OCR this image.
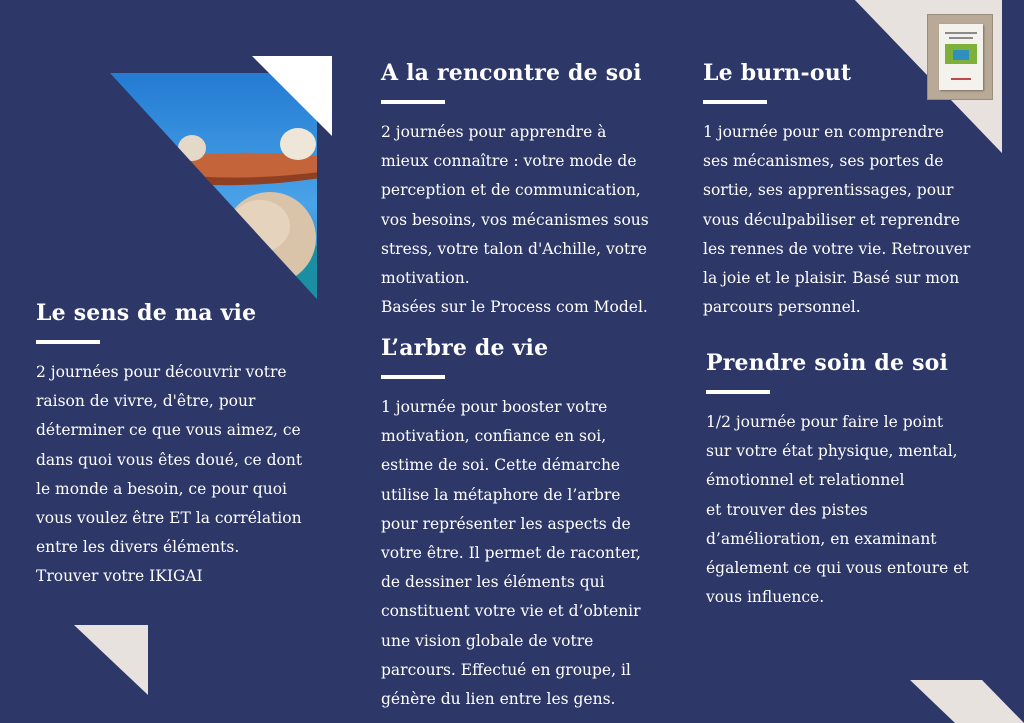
Le sens de ma vie

2 journées pour découvrir votre
raison de vivre, d'être, pour
déterminer ce que vous aimez, ce
dans quoi vous êtes doué, ce dont
le monde a besoin, ce pour quoi
vous voulez être ET la corrélation
entre les divers éléments.
Trouver votre IKIGAI

A la rencontre de soi

2 journées pour apprendre à
mieux connaître : votre mode de
perception et de communication,
vos besoins, vos mécanismes sous
stress, votre talon d'Achille, votre
motivation.
Basées sur le Process com Model.

L’arbre de vie

1 journée pour booster votre
motivation, confiance en soi,
estime de soi. Cette démarche
utilise la métaphore de l’arbre
pour représenter les aspects de
votre être. Il permet de raconter,
de dessiner les éléments qui
constituent votre vie et d’obtenir
une vision globale de votre
parcours. Effectué en groupe, il
génère du lien entre les gens.

Le burn-out

1 journée pour en comprendre
ses mécanismes, ses portes de
sortie, ses apprentissages, pour
vous déculpabiliser et reprendre
les rennes de votre vie. Retrouver
la joie et le plaisir. Basé sur mon
parcours personnel.

Prendre soin de soi

1/2 journée pour faire le point
sur votre état physique, mental,
émotionnel et relationnel
et trouver des pistes
d’amélioration, en examinant
également ce qui vous entoure et
vous influence.
